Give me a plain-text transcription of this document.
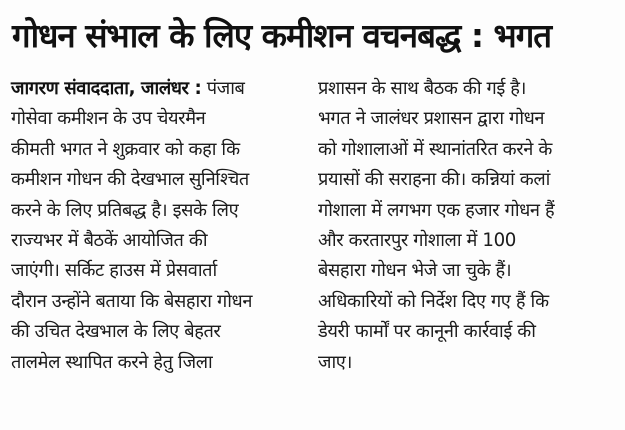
गोधन संभाल के लिए कमीशन वचनबद्ध : भगत
जागरण संवाददाता, जालंधर : पंजाब
गोसेवा कमीशन के उप चेयरमैन
कीमती भगत ने शुक्रवार को कहा कि
कमीशन गोधन की देखभाल सुनिश्चित
करने के लिए प्रतिबद्ध है। इसके लिए
राज्यभर में बैठकें आयोजित की
जाएंगी। सर्किट हाउस में प्रेसवार्ता
दौरान उन्होंने बताया कि बेसहारा गोधन
की उचित देखभाल के लिए बेहतर
तालमेल स्थापित करने हेतु जिला
प्रशासन के साथ बैठक की गई है।
भगत ने जालंधर प्रशासन द्वारा गोधन
को गोशालाओं में स्थानांतरित करने के
प्रयासों की सराहना की। कन्नियां कलां
गोशाला में लगभग एक हजार गोधन हैं
और करतारपुर गोशाला में 100
बेसहारा गोधन भेजे जा चुके हैं।
अधिकारियों को निर्देश दिए गए हैं कि
डेयरी फार्मों पर कानूनी कार्रवाई की
जाए।
